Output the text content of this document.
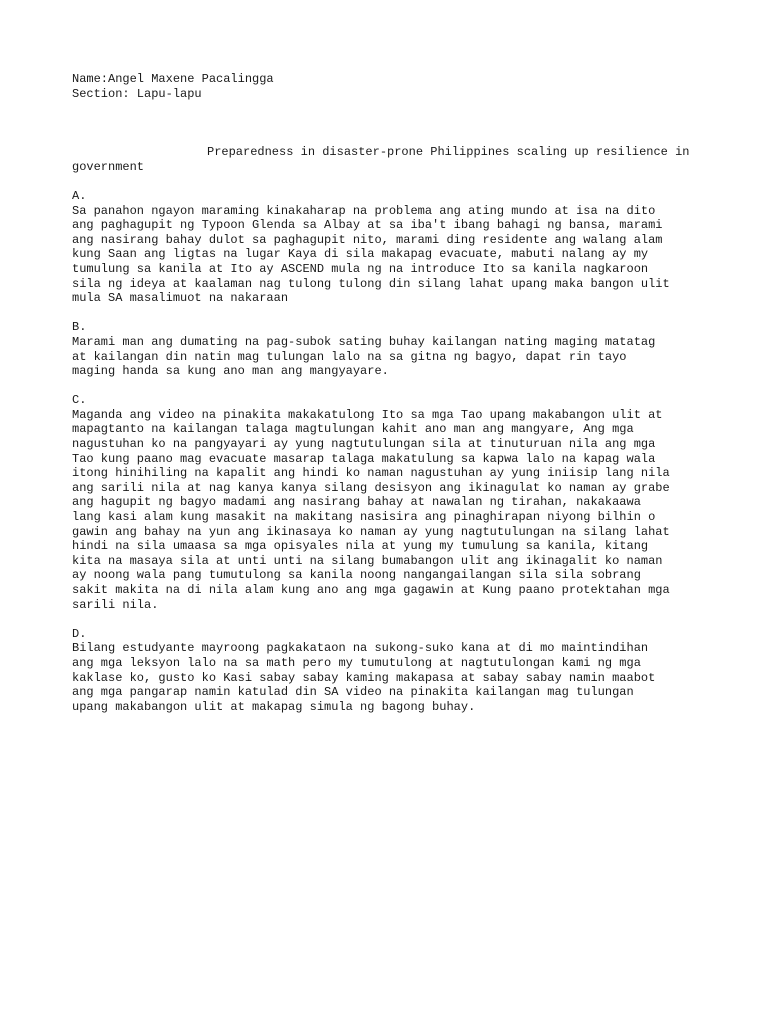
Name:Angel Maxene Pacalingga
Section: Lapu-lapu
Preparedness in disaster-prone Philippines scaling up resilience in government
A.
Sa panahon ngayon maraming kinakaharap na problema ang ating mundo at isa na dito
ang paghagupit ng Typoon Glenda sa Albay at sa iba't ibang bahagi ng bansa, marami
ang nasirang bahay dulot sa paghagupit nito, marami ding residente ang walang alam
kung Saan ang ligtas na lugar Kaya di sila makapag evacuate, mabuti nalang ay my
tumulung sa kanila at Ito ay ASCEND mula ng na introduce Ito sa kanila nagkaroon
sila ng ideya at kaalaman nag tulong tulong din silang lahat upang maka bangon ulit
mula SA masalimuot na nakaraan
B.
Marami man ang dumating na pag-subok sating buhay kailangan nating maging matatag
at kailangan din natin mag tulungan lalo na sa gitna ng bagyo, dapat rin tayo
maging handa sa kung ano man ang mangyayare.
C.
Maganda ang video na pinakita makakatulong Ito sa mga Tao upang makabangon ulit at
mapagtanto na kailangan talaga magtulungan kahit ano man ang mangyare, Ang mga
nagustuhan ko na pangyayari ay yung nagtutulungan sila at tinuturuan nila ang mga
Tao kung paano mag evacuate masarap talaga makatulung sa kapwa lalo na kapag wala
itong hinihiling na kapalit ang hindi ko naman nagustuhan ay yung iniisip lang nila
ang sarili nila at nag kanya kanya silang desisyon ang ikinagulat ko naman ay grabe
ang hagupit ng bagyo madami ang nasirang bahay at nawalan ng tirahan, nakakaawa
lang kasi alam kung masakit na makitang nasisira ang pinaghirapan niyong bilhin o
gawin ang bahay na yun ang ikinasaya ko naman ay yung nagtutulungan na silang lahat
hindi na sila umaasa sa mga opisyales nila at yung my tumulung sa kanila, kitang
kita na masaya sila at unti unti na silang bumabangon ulit ang ikinagalit ko naman
ay noong wala pang tumutulong sa kanila noong nangangailangan sila sila sobrang
sakit makita na di nila alam kung ano ang mga gagawin at Kung paano protektahan mga
sarili nila.
D.
Bilang estudyante mayroong pagkakataon na sukong-suko kana at di mo maintindihan
ang mga leksyon lalo na sa math pero my tumutulong at nagtutulongan kami ng mga
kaklase ko, gusto ko Kasi sabay sabay kaming makapasa at sabay sabay namin maabot
ang mga pangarap namin katulad din SA video na pinakita kailangan mag tulungan
upang makabangon ulit at makapag simula ng bagong buhay.
